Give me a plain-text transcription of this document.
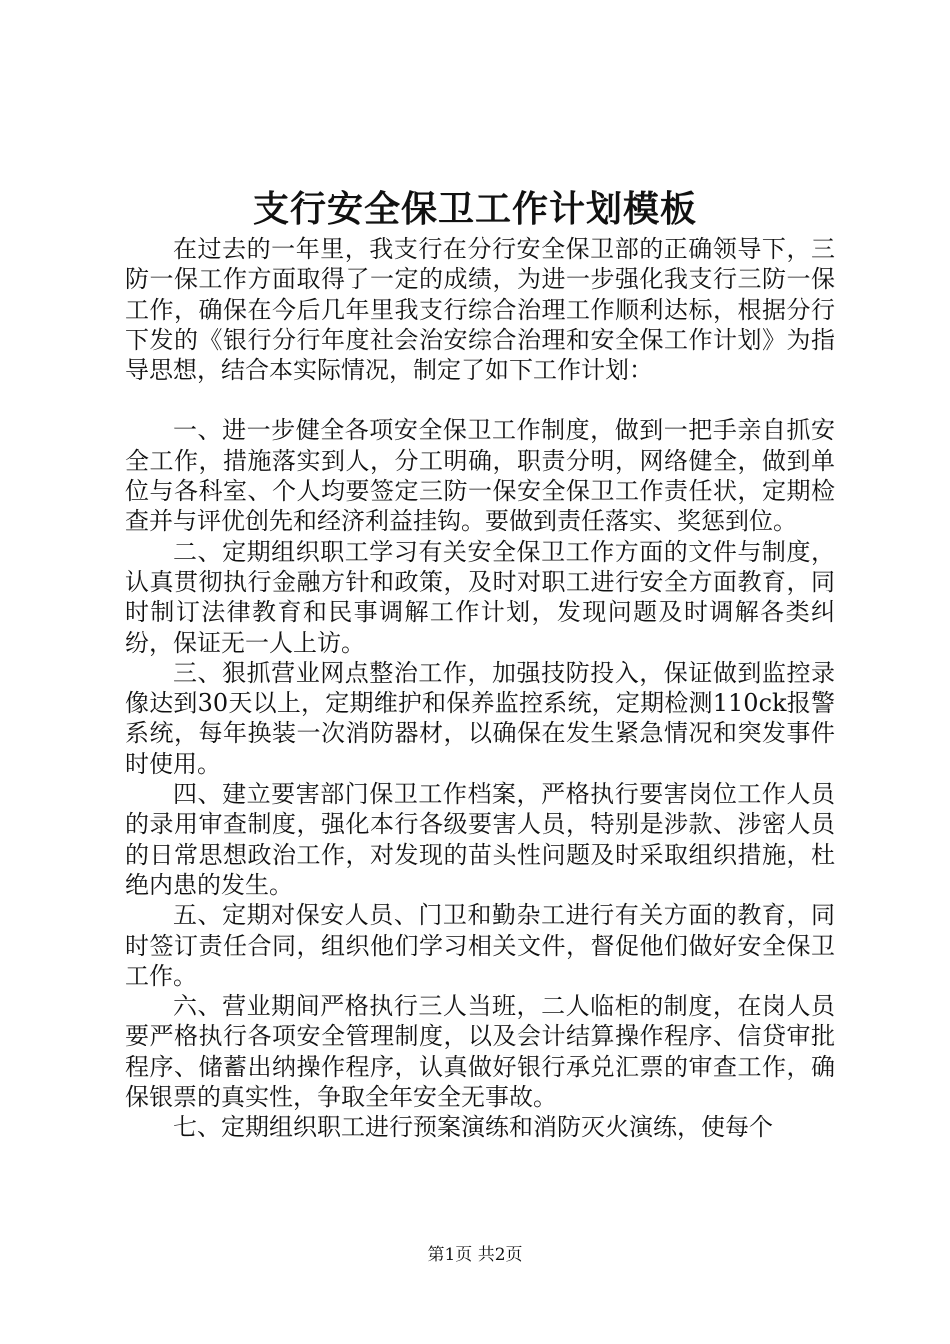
支行安全保卫工作计划模板

在过去的一年里，我支行在分行安全保卫部的正确领导下，三防一保工作方面取得了一定的成绩，为进一步强化我支行三防一保工作，确保在今后几年里我支行综合治理工作顺利达标，根据分行下发的《银行分行年度社会治安综合治理和安全保工作计划》为指导思想，结合本实际情况，制定了如下工作计划：

一、进一步健全各项安全保卫工作制度，做到一把手亲自抓安全工作，措施落实到人，分工明确，职责分明，网络健全，做到单位与各科室、个人均要签定三防一保安全保卫工作责任状，定期检查并与评优创先和经济利益挂钩。要做到责任落实、奖惩到位。

二、定期组织职工学习有关安全保卫工作方面的文件与制度，认真贯彻执行金融方针和政策，及时对职工进行安全方面教育，同时制订法律教育和民事调解工作计划，发现问题及时调解各类纠纷，保证无一人上访。

三、狠抓营业网点整治工作，加强技防投入，保证做到监控录像达到30天以上，定期维护和保养监控系统，定期检测110ck报警系统，每年换装一次消防器材，以确保在发生紧急情况和突发事件时使用。

四、建立要害部门保卫工作档案，严格执行要害岗位工作人员的录用审查制度，强化本行各级要害人员，特别是涉款、涉密人员的日常思想政治工作，对发现的苗头性问题及时采取组织措施，杜绝内患的发生。

五、定期对保安人员、门卫和勤杂工进行有关方面的教育，同时签订责任合同，组织他们学习相关文件，督促他们做好安全保卫工作。

六、营业期间严格执行三人当班，二人临柜的制度，在岗人员要严格执行各项安全管理制度，以及会计结算操作程序、信贷审批程序、储蓄出纳操作程序，认真做好银行承兑汇票的审查工作，确保银票的真实性，争取全年安全无事故。

七、定期组织职工进行预案演练和消防灭火演练，使每个

第1页 共2页
